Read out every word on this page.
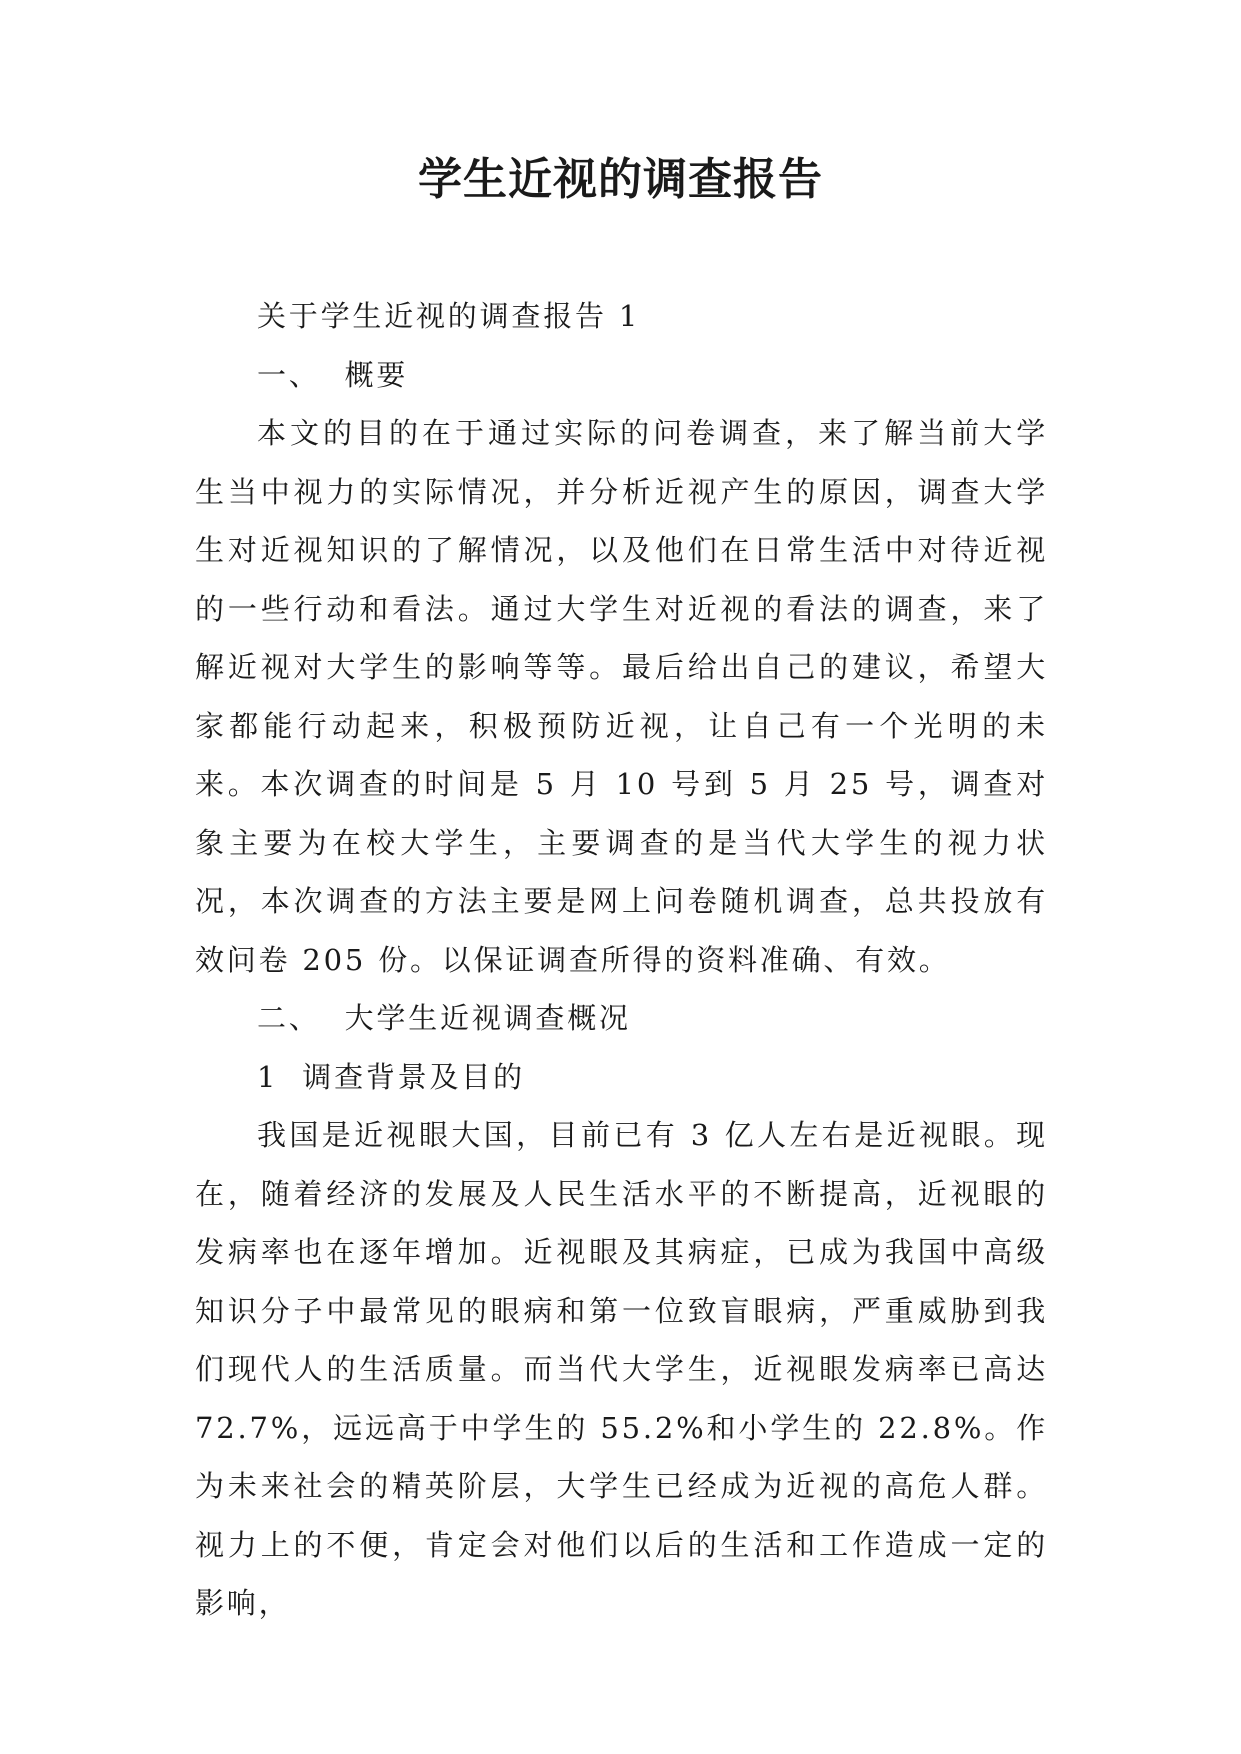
学生近视的调查报告

关于学生近视的调查报告 1

一、  概要

本文的目的在于通过实际的问卷调查，来了解当前大学生当中视力的实际情况，并分析近视产生的原因，调查大学生对近视知识的了解情况，以及他们在日常生活中对待近视的一些行动和看法。通过大学生对近视的看法的调查，来了解近视对大学生的影响等等。最后给出自己的建议，希望大家都能行动起来，积极预防近视，让自己有一个光明的未来。本次调查的时间是 5 月 10 号到 5 月 25 号，调查对象主要为在校大学生，主要调查的是当代大学生的视力状况，本次调查的方法主要是网上问卷随机调查，总共投放有效问卷 205 份。以保证调查所得的资料准确、有效。

二、  大学生近视调查概况

1  调查背景及目的

我国是近视眼大国，目前已有 3 亿人左右是近视眼。现在，随着经济的发展及人民生活水平的不断提高，近视眼的发病率也在逐年增加。近视眼及其病症，已成为我国中高级知识分子中最常见的眼病和第一位致盲眼病，严重威胁到我们现代人的生活质量。而当代大学生，近视眼发病率已高达 72.7%，远远高于中学生的 55.2%和小学生的 22.8%。作为未来社会的精英阶层，大学生已经成为近视的高危人群。视力上的不便，肯定会对他们以后的生活和工作造成一定的影响，
